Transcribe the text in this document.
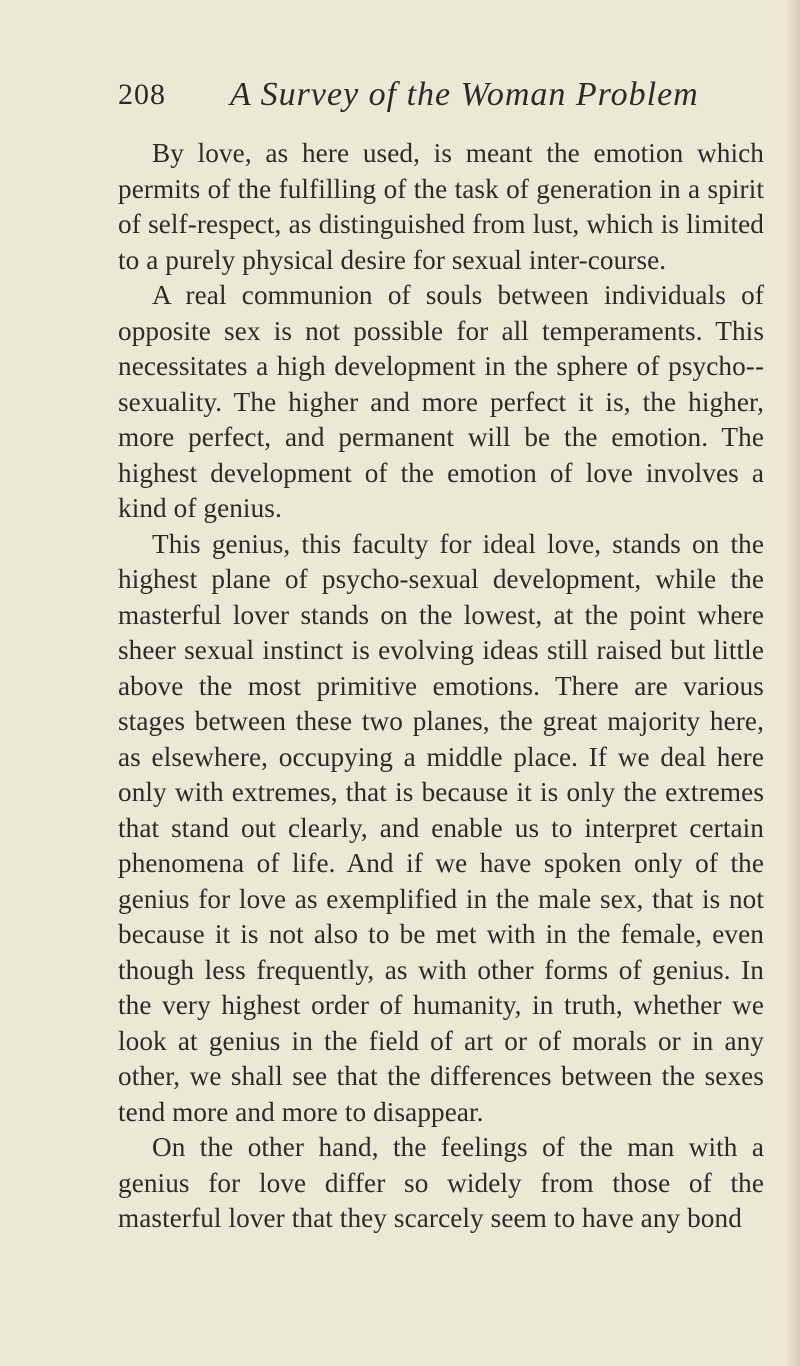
208 A Survey of the Woman Problem

By love, as here used, is meant the emotion which permits of the fulfilling of the task of generation in a spirit of self-respect, as distinguished from lust, which is limited to a purely physical desire for sexual inter-course.

A real communion of souls between individuals of opposite sex is not possible for all temperaments. This necessitates a high development in the sphere of psycho-sexuality. The higher and more perfect it is, the higher, more perfect, and permanent will be the emotion. The highest development of the emotion of love involves a kind of genius.

This genius, this faculty for ideal love, stands on the highest plane of psycho-sexual development, while the masterful lover stands on the lowest, at the point where sheer sexual instinct is evolving ideas still raised but little above the most primitive emotions. There are various stages between these two planes, the great majority here, as elsewhere, occupying a middle place. If we deal here only with extremes, that is because it is only the extremes that stand out clearly, and enable us to interpret certain phenomena of life. And if we have spoken only of the genius for love as exemplified in the male sex, that is not because it is not also to be met with in the female, even though less frequently, as with other forms of genius. In the very highest order of humanity, in truth, whether we look at genius in the field of art or of morals or in any other, we shall see that the differences between the sexes tend more and more to disappear.

On the other hand, the feelings of the man with a genius for love differ so widely from those of the masterful lover that they scarcely seem to have any bond
